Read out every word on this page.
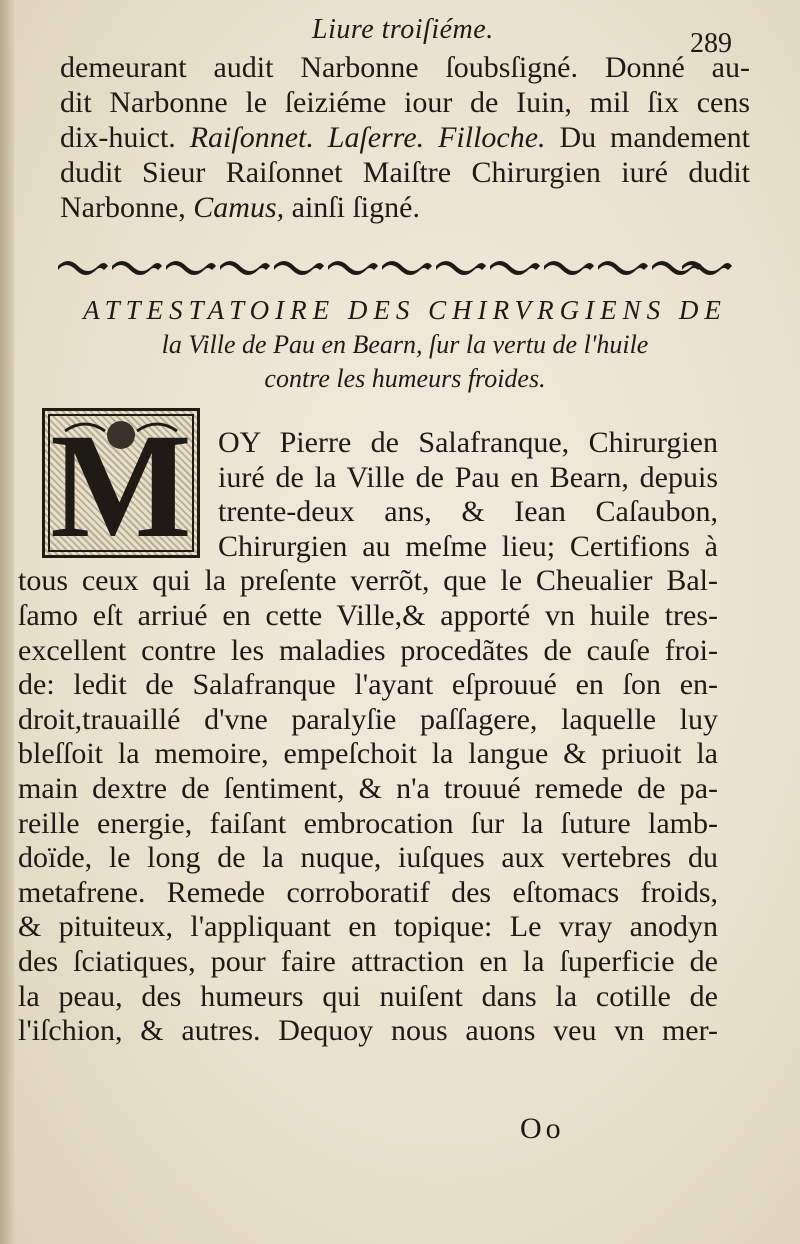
Liure troiſiéme.	289
demeurant audit Narbonne ſoubsſigné. Donné au-
dit Narbonne le ſeiziéme iour de Iuin, mil ſix cens
dix-huict. Raiſonnet. Laſerre. Filloche. Du mandement
dudit Sieur Raiſonnet Maiſtre Chirurgien iuré dudit
Narbonne, Camus, ainſi ſigné.
ATTESTATOIRE DES CHIRVRGIENS DE
la Ville de Pau en Bearn, ſur la vertu de l'huile
contre les humeurs froides.
M OY Pierre de Salafranque, Chirurgien
iuré de la Ville de Pau en Bearn, depuis
trente-deux ans, & Iean Caſaubon,
Chirurgien au meſme lieu; Certifions à
tous ceux qui la preſente verrõt, que le Cheualier Bal-
ſamo eſt arriué en cette Ville,& apporté vn huile tres-
excellent contre les maladies procedãtes de cauſe froi-
de: ledit de Salafranque l'ayant eſprouué en ſon en-
droit,trauaillé d'vne paralyſie paſſagere, laquelle luy
bleſſoit la memoire, empeſchoit la langue & priuoit la
main dextre de ſentiment, & n'a trouué remede de pa-
reille energie, faiſant embrocation ſur la ſuture lamb-
doïde, le long de la nuque, iuſques aux vertebres du
metafrene. Remede corroboratif des eſtomacs froids,
& pituiteux, l'appliquant en topique: Le vray anodyn
des ſciatiques, pour faire attraction en la ſuperficie de
la peau, des humeurs qui nuiſent dans la cotille de
l'iſchion, & autres. Dequoy nous auons veu vn mer-
Oo
